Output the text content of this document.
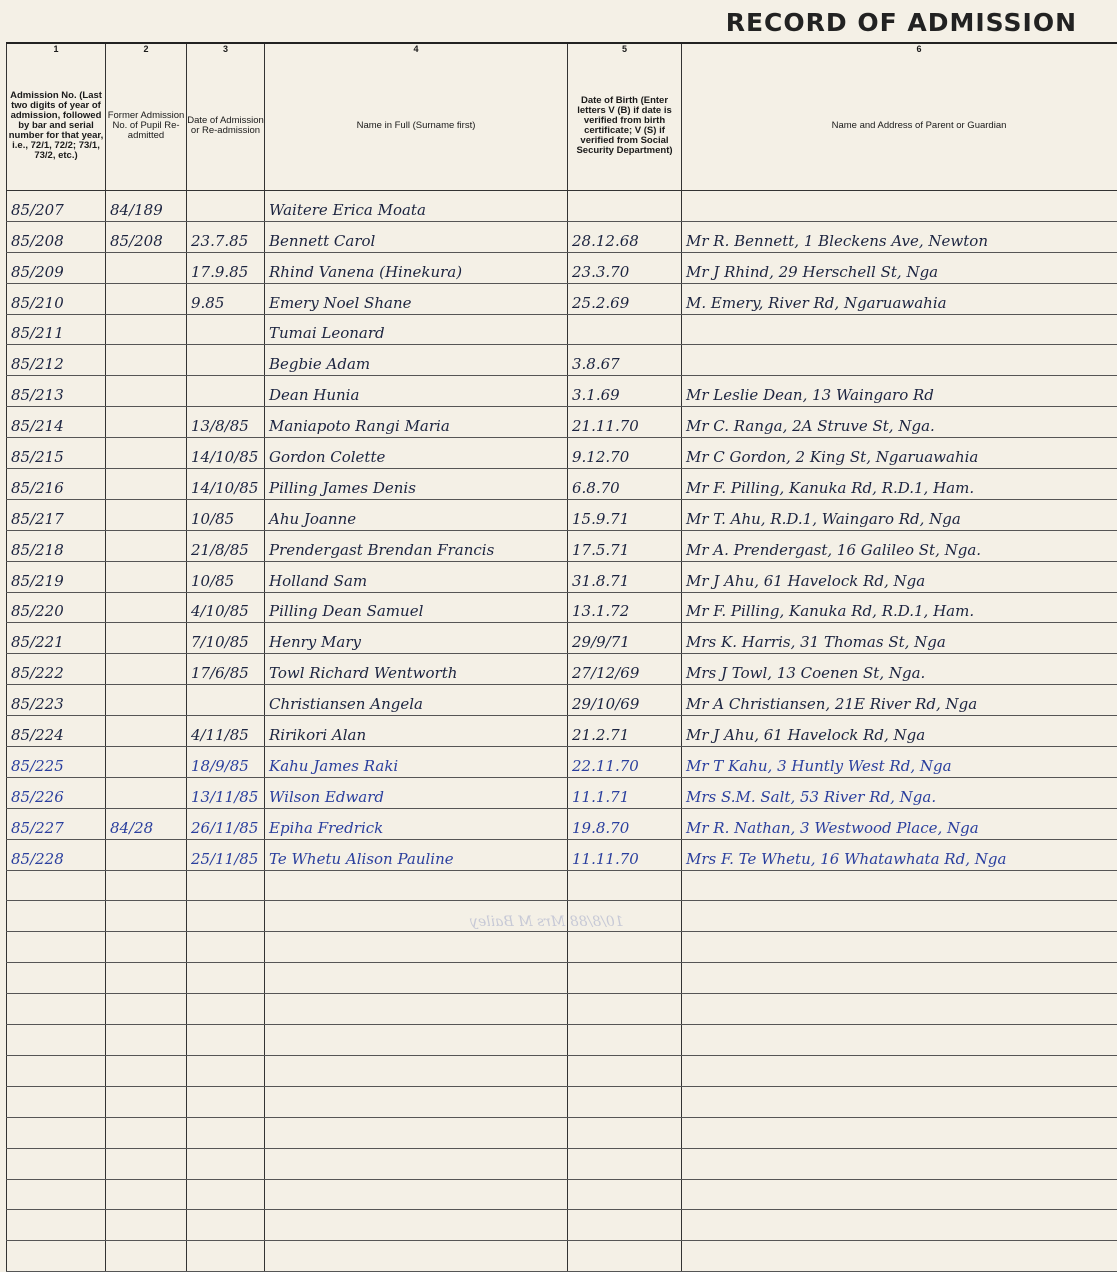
RECORD OF ADMISSION
1	2	3	4	5	6
Admission No. (Last two digits of year of admission, followed by bar and serial number for that year, i.e., 72/1, 72/2; 73/1, 73/2, etc.)	Former Admission No. of Pupil Re-admitted	Date of Admission or Re-admission	Name in Full (Surname first)	Date of Birth (Enter letters V (B) if date is verified from birth certificate; V (S) if verified from Social Security Department)	Name and Address of Parent or Guardian
85/207	84/189		Waitere Erica Moata		
85/208	85/208	23.7.85	Bennett Carol	28.12.68	Mr R. Bennett, 1 Bleckens Ave, Newton
85/209		17.9.85	Rhind Vanena (Hinekura)	23.3.70	Mr J Rhind, 29 Herschell St, Nga
85/210		9.85	Emery Noel Shane	25.2.69	M. Emery, River Rd, Ngaruawahia
85/211			Tumai Leonard		
85/212			Begbie Adam	3.8.67	
85/213			Dean Hunia	3.1.69	Mr Leslie Dean, 13 Waingaro Rd
85/214		13/8/85	Maniapoto Rangi Maria	21.11.70	Mr C. Ranga, 2A Struve St, Nga.
85/215		14/10/85	Gordon Colette	9.12.70	Mr C Gordon, 2 King St, Ngaruawahia
85/216		14/10/85	Pilling James Denis	6.8.70	Mr F. Pilling, Kanuka Rd, R.D.1, Ham.
85/217		10/85	Ahu Joanne	15.9.71	Mr T. Ahu, R.D.1, Waingaro Rd, Nga
85/218		21/8/85	Prendergast Brendan Francis	17.5.71	Mr A. Prendergast, 16 Galileo St, Nga.
85/219		10/85	Holland Sam	31.8.71	Mr J Ahu, 61 Havelock Rd, Nga
85/220		4/10/85	Pilling Dean Samuel	13.1.72	Mr F. Pilling, Kanuka Rd, R.D.1, Ham.
85/221		7/10/85	Henry Mary	29/9/71	Mrs K. Harris, 31 Thomas St, Nga
85/222		17/6/85	Towl Richard Wentworth	27/12/69	Mrs J Towl, 13 Coenen St, Nga.
85/223			Christiansen Angela	29/10/69	Mr A Christiansen, 21E River Rd, Nga
85/224		4/11/85	Ririkori Alan	21.2.71	Mr J Ahu, 61 Havelock Rd, Nga
85/225		18/9/85	Kahu James Raki	22.11.70	Mr T Kahu, 3 Huntly West Rd, Nga
85/226		13/11/85	Wilson Edward	11.1.71	Mrs S.M. Salt, 53 River Rd, Nga.
85/227	84/28	26/11/85	Epiha Fredrick	19.8.70	Mr R. Nathan, 3 Westwood Place, Nga
85/228		25/11/85	Te Whetu Alison Pauline	11.11.70	Mrs F. Te Whetu, 16 Whatawhata Rd, Nga

10/8/88 Mrs M Bailey
